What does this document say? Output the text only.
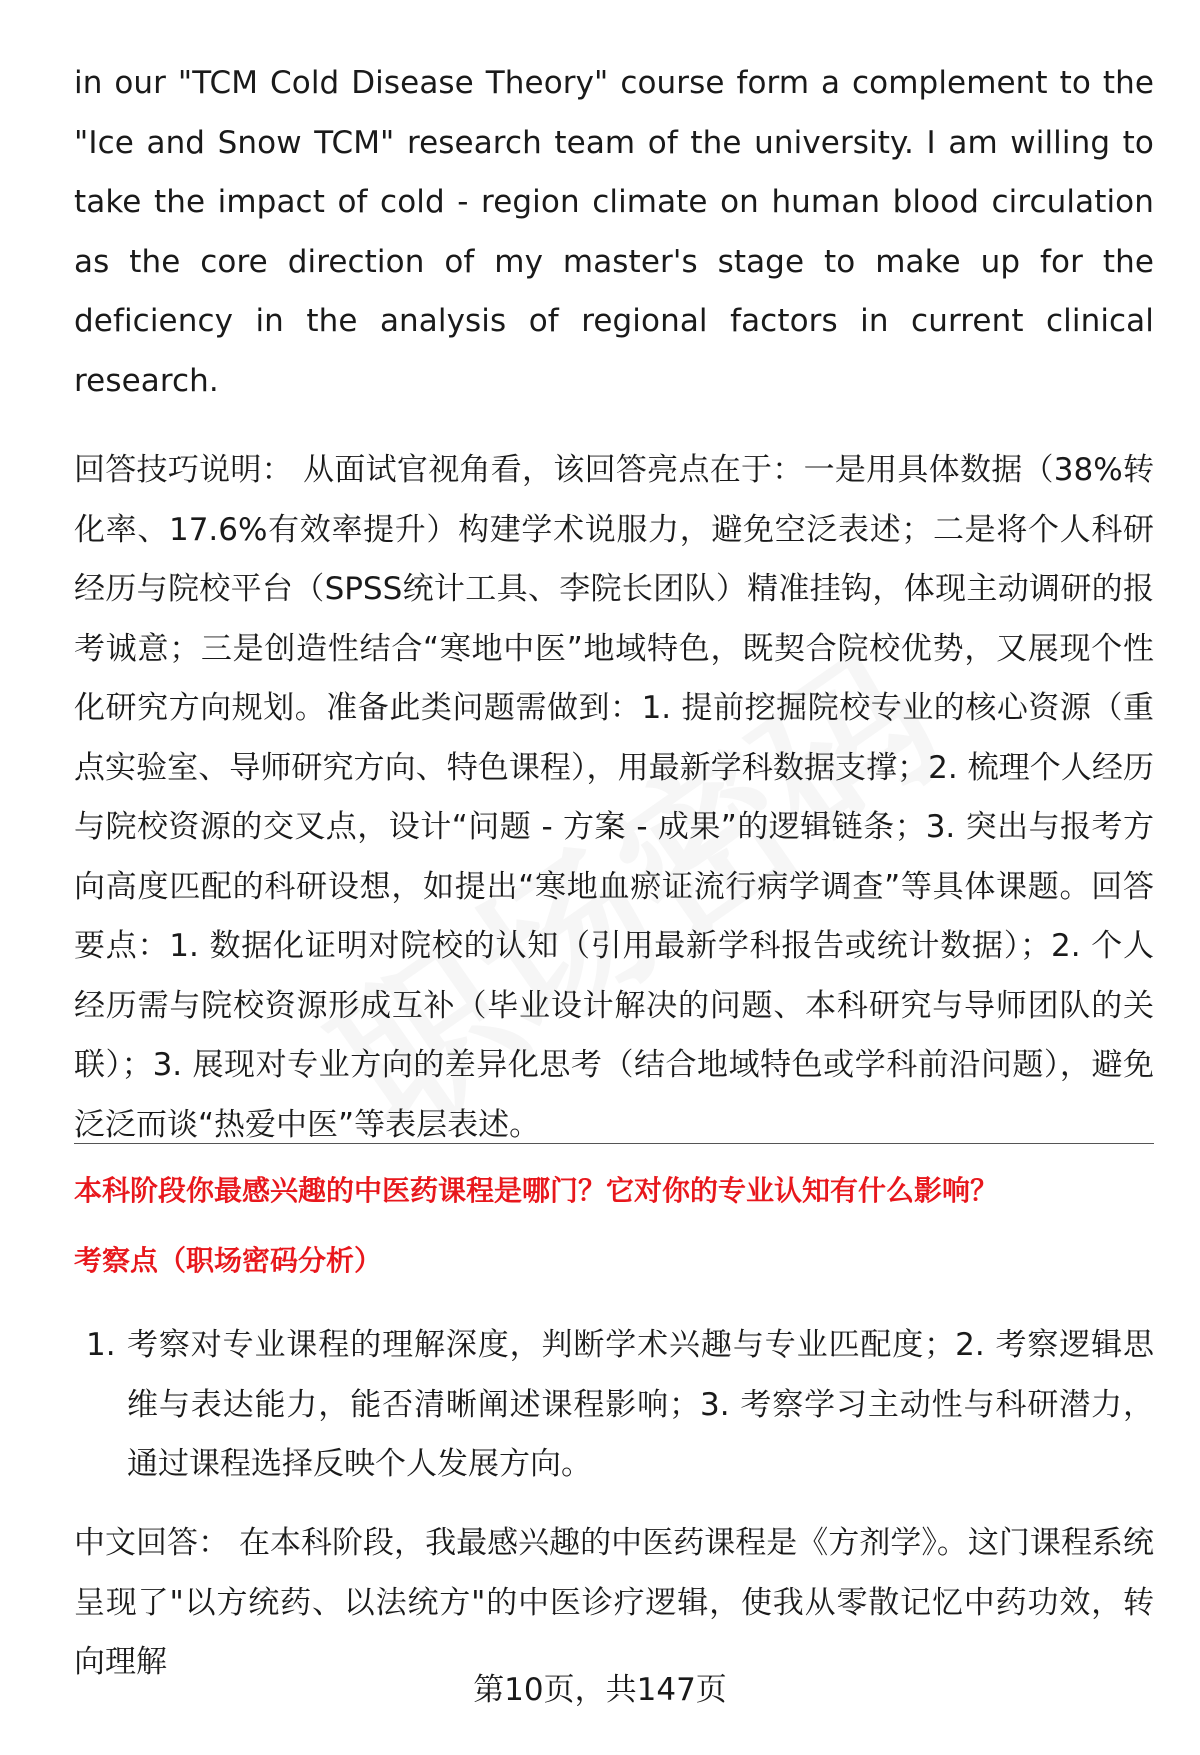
in our "TCM Cold Disease Theory" course form a complement to the "Ice and Snow TCM" research team of the university. I am willing to take the impact of cold - region climate on human blood circulation as the core direction of my master's stage to make up for the deficiency in the analysis of regional factors in current clinical research.

回答技巧说明： 从面试官视角看，该回答亮点在于：一是用具体数据（38%转化率、17.6%有效率提升）构建学术说服力，避免空泛表述；二是将个人科研经历与院校平台（SPSS统计工具、李院长团队）精准挂钩，体现主动调研的报考诚意；三是创造性结合“寒地中医”地域特色，既契合院校优势，又展现个性化研究方向规划。准备此类问题需做到：1. 提前挖掘院校专业的核心资源（重点实验室、导师研究方向、特色课程），用最新学科数据支撑；2. 梳理个人经历与院校资源的交叉点，设计“问题 - 方案 - 成果”的逻辑链条；3. 突出与报考方向高度匹配的科研设想，如提出“寒地血瘀证流行病学调查”等具体课题。回答要点：1. 数据化证明对院校的认知（引用最新学科报告或统计数据）；2. 个人经历需与院校资源形成互补（毕业设计解决的问题、本科研究与导师团队的关联）；3. 展现对专业方向的差异化思考（结合地域特色或学科前沿问题），避免泛泛而谈“热爱中医”等表层表述。

本科阶段你最感兴趣的中医药课程是哪门？它对你的专业认知有什么影响？

考察点（职场密码分析）

1. 考察对专业课程的理解深度，判断学术兴趣与专业匹配度；2. 考察逻辑思维与表达能力，能否清晰阐述课程影响；3. 考察学习主动性与科研潜力，通过课程选择反映个人发展方向。

中文回答： 在本科阶段，我最感兴趣的中医药课程是《方剂学》。这门课程系统呈现了"以方统药、以法统方"的中医诊疗逻辑，使我从零散记忆中药功效，转向理解

第10页，共147页
